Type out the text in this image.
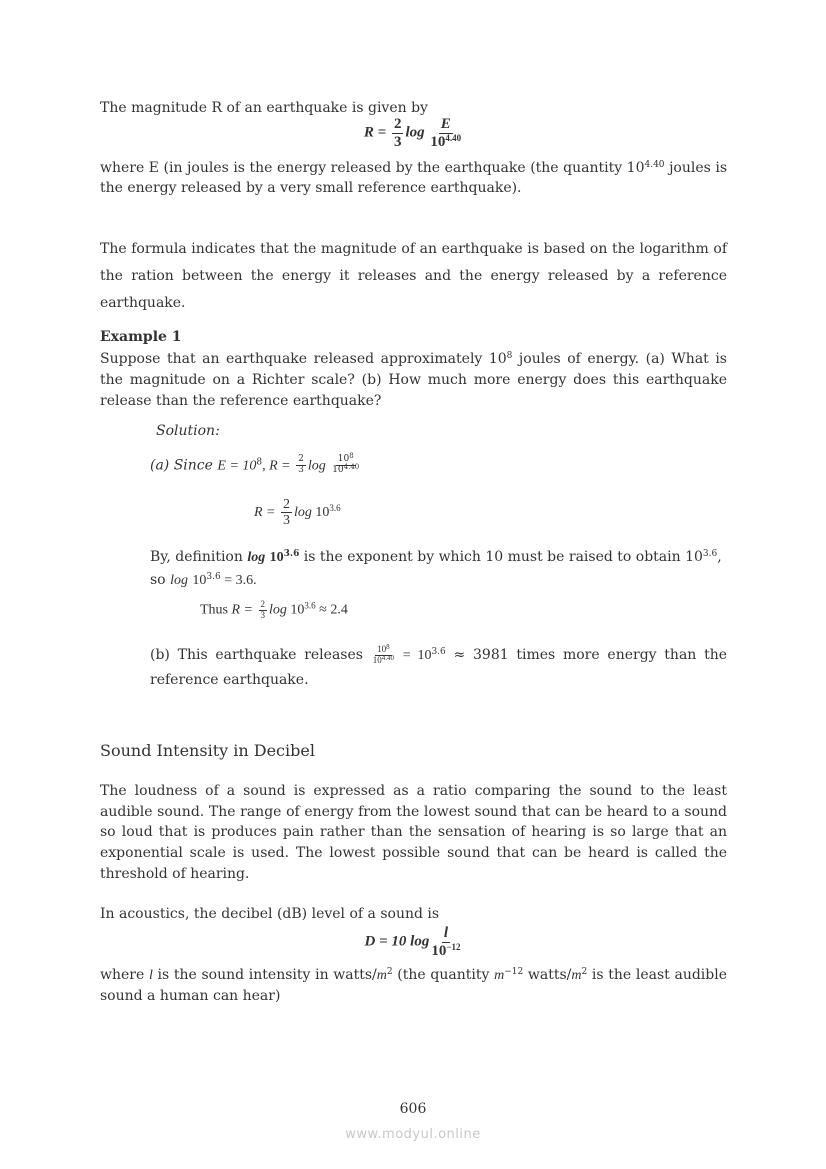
The magnitude R of an earthquake is given by
$R = \frac{2}{3}$ $\log \frac{E}{10^{4.40}}$
where E (in joules is the energy released by the earthquake (the quantity $10^{4.40}$ joules is the energy released by a very small reference earthquake).
The formula indicates that the magnitude of an earthquake is based on the logarithm of the ration between the energy it releases and the energy released by a reference earthquake.
Example 1
Suppose that an earthquake released approximately $10^8$ joules of energy. (a) What is the magnitude on a Richter scale? (b) How much more energy does this earthquake release than the reference earthquake?
Solution:
(a) Since $E = 10^8$, $R = \frac{2}{3}$ $\log \frac{10^8}{10^{4.40}}$
$R = \frac{2}{3}$ $\log 10^{3.6}$
By, definition $\log 10^{3.6}$ is the exponent by which 10 must be raised to obtain $10^{3.6}$, so $\log 10^{3.6} = 3.6$.
Thus $R = \frac{2}{3}$ $\log 10^{3.6} \approx 2.4$
(b) This earthquake releases $\frac{10^8}{10^{4.40}} = 10^{3.6} \approx 3981$ times more energy than the reference earthquake.
Sound Intensity in Decibel
The loudness of a sound is expressed as a ratio comparing the sound to the least audible sound. The range of energy from the lowest sound that can be heard to a sound so loud that is produces pain rather than the sensation of hearing is so large that an exponential scale is used. The lowest possible sound that can be heard is called the threshold of hearing.
In acoustics, the decibel (dB) level of a sound is
D = 10 $\log \frac{l}{10^{-12}}$
where l is the sound intensity in watts/$m^2$ (the quantity $m^{-12}$ watts/$m^2$ is the least audible sound a human can hear)
606
www.modyul.online
